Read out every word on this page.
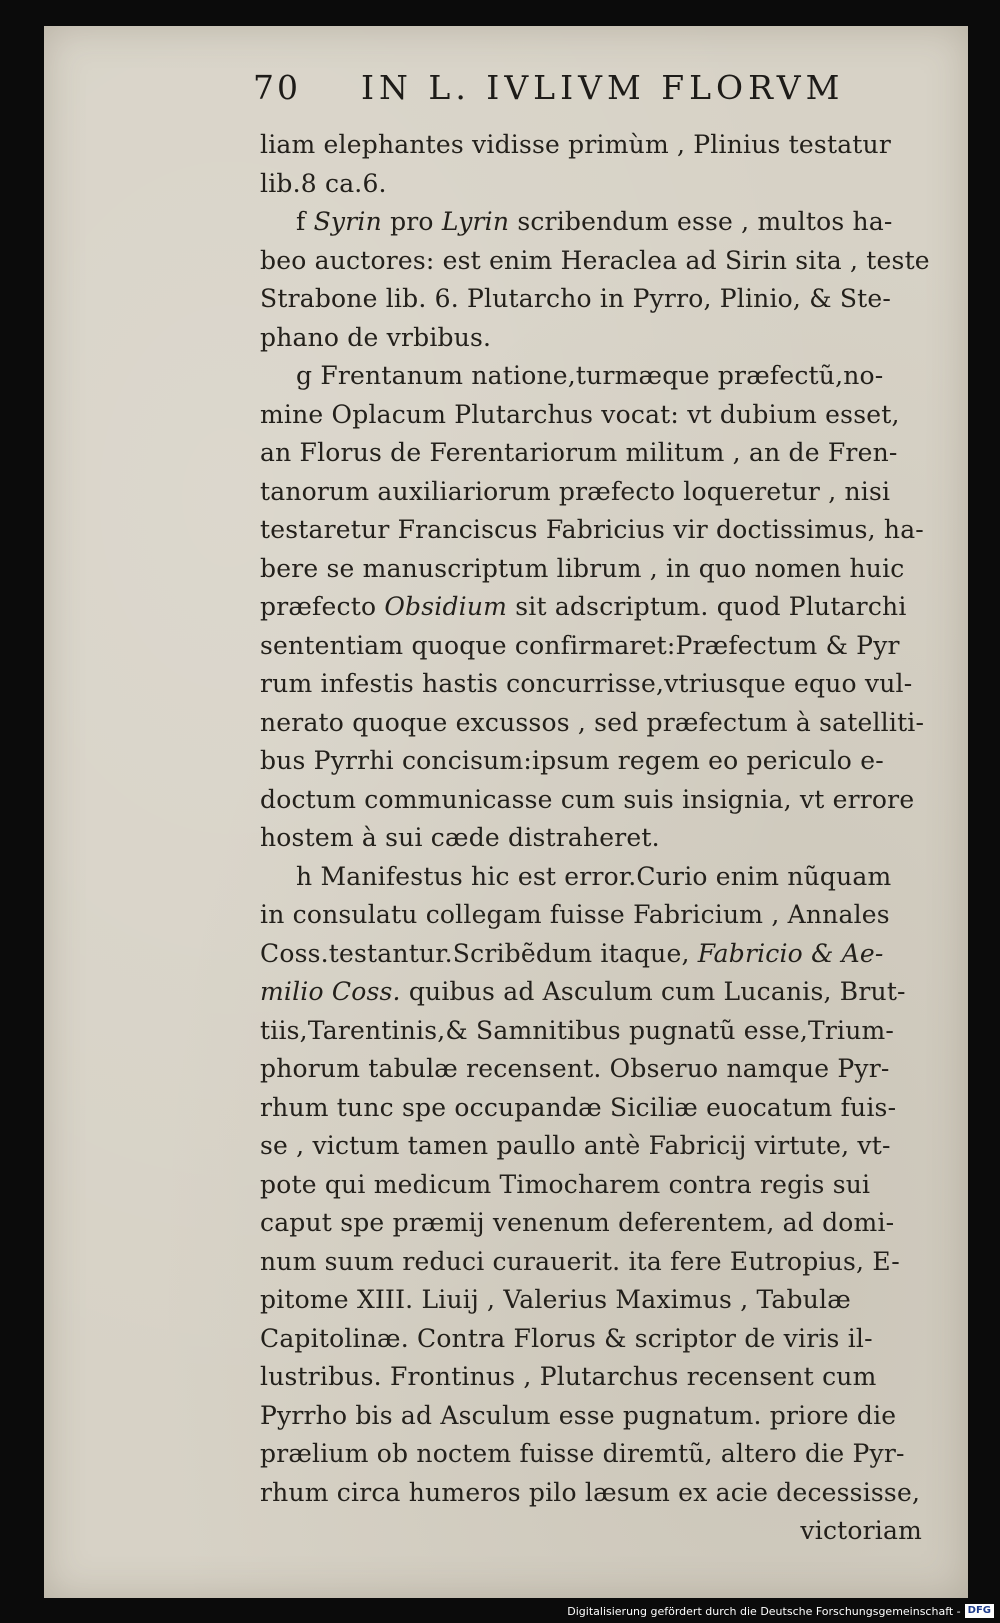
70 IN L. IVLIVM FLORVM
liam elephantes vidisse primùm , Plinius testatur
lib.8 ca.6.
f Syrin pro Lyrin scribendum esse , multos ha-
beo auctores: est enim Heraclea ad Sirin sita , teste
Strabone lib. 6. Plutarcho in Pyrro, Plinio, & Ste-
phano de vrbibus.
g Frentanum natione,turmæque præfectũ,no-
mine Oplacum Plutarchus vocat: vt dubium esset,
an Florus de Ferentariorum militum , an de Fren-
tanorum auxiliariorum præfecto loqueretur , nisi
testaretur Franciscus Fabricius vir doctissimus, ha-
bere se manuscriptum librum , in quo nomen huic
præfecto Obsidium sit adscriptum. quod Plutarchi
sententiam quoque confirmaret:Præfectum & Pyr
rum infestis hastis concurrisse,vtriusque equo vul-
nerato quoque excussos , sed præfectum à satelliti-
bus Pyrrhi concisum:ipsum regem eo periculo e-
doctum communicasse cum suis insignia, vt errore
hostem à sui cæde distraheret.
h Manifestus hic est error.Curio enim nũquam
in consulatu collegam fuisse Fabricium , Annales
Coss.testantur.Scribẽdum itaque, Fabricio & Ae-
milio Coss. quibus ad Asculum cum Lucanis, Brut-
tiis,Tarentinis,& Samnitibus pugnatũ esse,Trium-
phorum tabulæ recensent. Obseruo namque Pyr-
rhum tunc spe occupandæ Siciliæ euocatum fuis-
se , victum tamen paullo antè Fabricij virtute, vt-
pote qui medicum Timocharem contra regis sui
caput spe præmij venenum deferentem, ad domi-
num suum reduci curauerit. ita fere Eutropius, E-
pitome XIII. Liuij , Valerius Maximus , Tabulæ
Capitolinæ. Contra Florus & scriptor de viris il-
lustribus. Frontinus , Plutarchus recensent cum
Pyrrho bis ad Asculum esse pugnatum. priore die
prælium ob noctem fuisse diremtũ, altero die Pyr-
rhum circa humeros pilo læsum ex acie decessisse,
victoriam
Digitalisierung gefördert durch die Deutsche Forschungsgemeinschaft - DFG
